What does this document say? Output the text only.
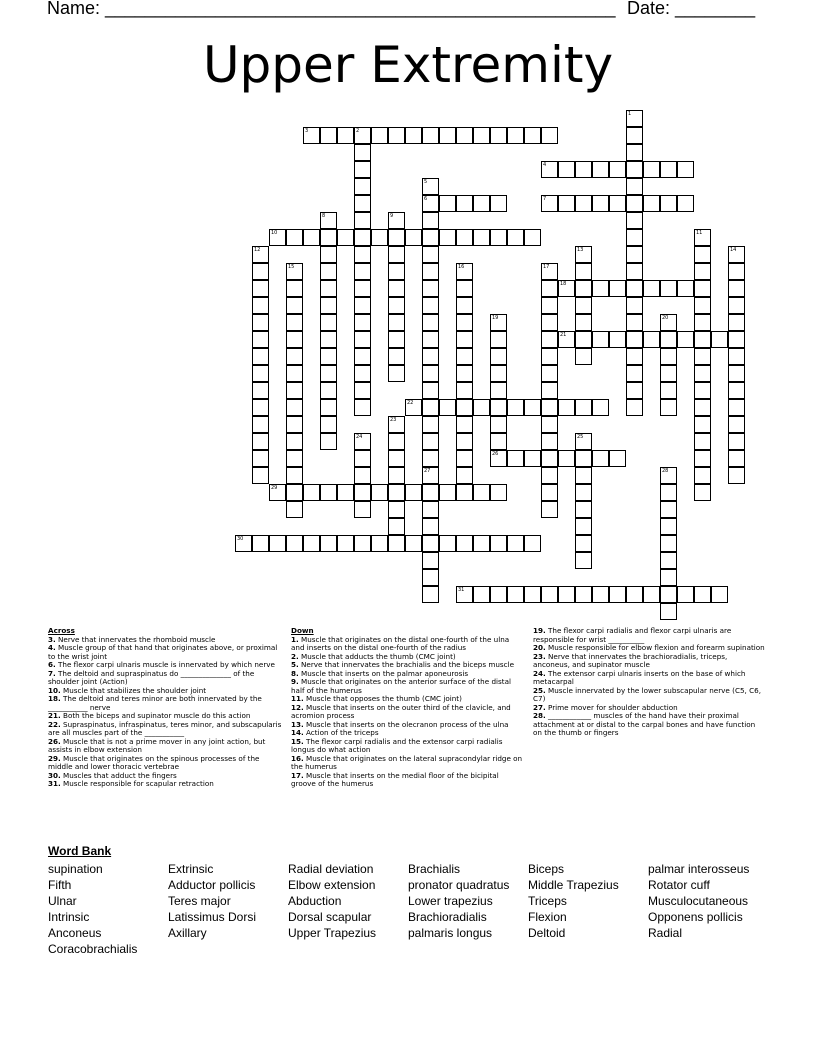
Name: ___________________________________________________ Date: ________
Upper Extremity
3	2
4
6	7
10
18
21
22
26
29
30
31
1
5
8	9
11
12	13	14
15	16	17
19	20
23
24	25
27	28
Across
3. Nerve that innervates the rhomboid muscle
4. Muscle group of that hand that originates above, or proximal to the wrist joint
6. The flexor carpi ulnaris muscle is innervated by which nerve
7. The deltoid and supraspinatus do ______________ of the shoulder joint (Action)
10. Muscle that stabilizes the shoulder joint
18. The deltoid and teres minor are both innervated by the ___________ nerve
21. Both the biceps and supinator muscle do this action
22. Supraspinatus, infraspinatus, teres minor, and subscapularis are all muscles part of the ___________
26. Muscle that is not a prime mover in any joint action, but assists in elbow extension
29. Muscle that originates on the spinous processes of the middle and lower thoracic vertebrae
30. Muscles that adduct the fingers
31. Muscle responsible for scapular retraction
Down
1. Muscle that originates on the distal one-fourth of the ulna and inserts on the distal one-fourth of the radius
2. Muscle that adducts the thumb (CMC joint)
5. Nerve that innervates the brachialis and the biceps muscle
8. Muscle that inserts on the palmar aponeurosis
9. Muscle that originates on the anterior surface of the distal half of the humerus
11. Muscle that opposes the thumb (CMC joint)
12. Muscle that inserts on the outer third of the clavicle, and acromion process
13. Muscle that inserts on the olecranon process of the ulna
14. Action of the triceps
15. The flexor carpi radialis and the extensor carpi radialis longus do what action
16. Muscle that originates on the lateral supracondylar ridge on the humerus
17. Muscle that inserts on the medial floor of the bicipital groove of the humerus
19. The flexor carpi radialis and flexor carpi ulnaris are responsible for wrist __________
20. Muscle responsible for elbow flexion and forearm supination
23. Nerve that innervates the brachioradialis, triceps, anconeus, and supinator muscle
24. The extensor carpi ulnaris inserts on the base of which metacarpal
25. Muscle innervated by the lower subscapular nerve (C5, C6, C7)
27. Prime mover for shoulder abduction
28. ____________ muscles of the hand have their proximal attachment at or distal to the carpal bones and have function on the thumb or fingers
Word Bank
supination
Fifth
Ulnar
Intrinsic
Anconeus
Coracobrachialis
Extrinsic
Adductor pollicis
Teres major
Latissimus Dorsi
Axillary
Radial deviation
Elbow extension
Abduction
Dorsal scapular
Upper Trapezius
Brachialis
pronator quadratus
Lower trapezius
Brachioradialis
palmaris longus
Biceps
Middle Trapezius
Triceps
Flexion
Deltoid
palmar interosseus
Rotator cuff
Musculocutaneous
Opponens pollicis
Radial
